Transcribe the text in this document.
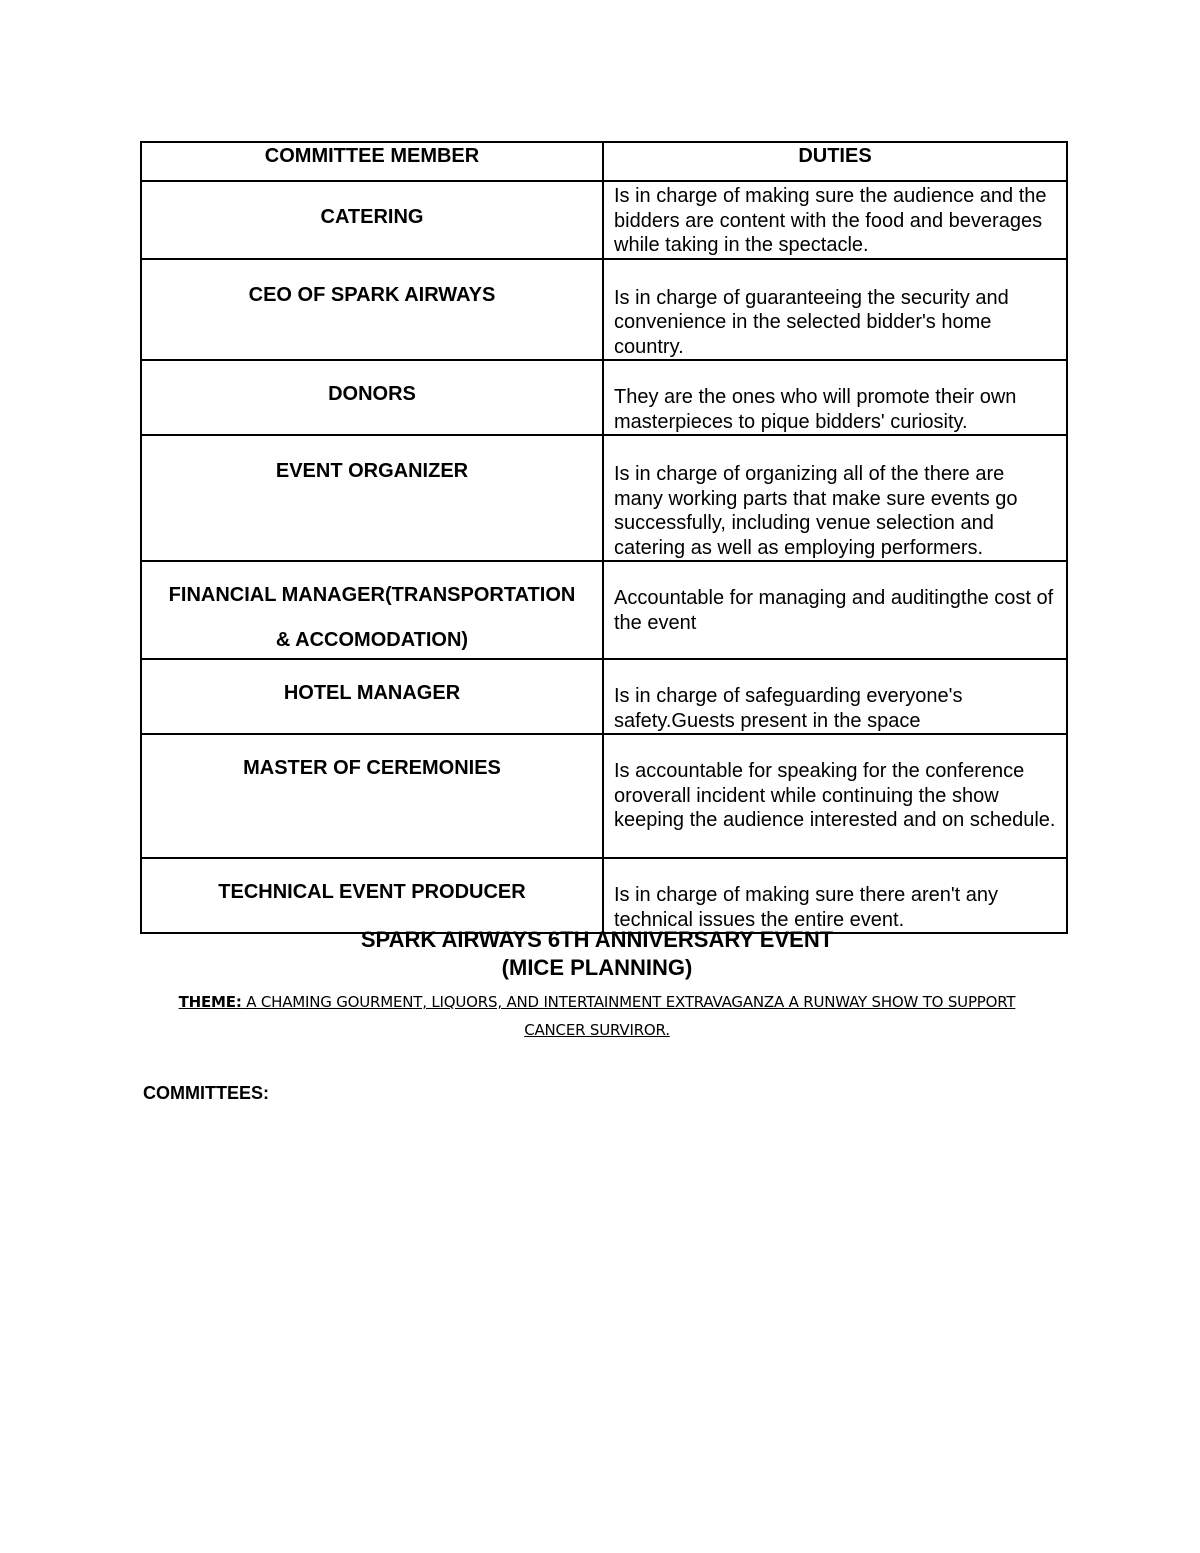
COMMITTEE MEMBER	DUTIES

CATERING	Is in charge of making sure the audience and the bidders are content with the food and beverages while taking in the spectacle.

CEO OF SPARK AIRWAYS	Is in charge of guaranteeing the security and convenience in the selected bidder's home country.

DONORS	They are the ones who will promote their own masterpieces to pique bidders' curiosity.

EVENT ORGANIZER	Is in charge of organizing all of the there are many working parts that make sure events go successfully, including venue selection and catering as well as employing performers.

FINANCIAL MANAGER(TRANSPORTATION
& ACCOMODATION)	Accountable for managing and auditingthe cost of the event

HOTEL MANAGER	Is in charge of safeguarding everyone's safety.Guests present in the space

MASTER OF CEREMONIES	Is accountable for speaking for the conference oroverall incident while continuing the show keeping the audience interested and on schedule.

TECHNICAL EVENT PRODUCER	Is in charge of making sure there aren't any technical issues the entire event.
SPARK AIRWAYS 6TH ANNIVERSARY EVENT
(MICE PLANNING)
THEME: A CHAMING GOURMENT, LIQUORS, AND INTERTAINMENT EXTRAVAGANZA A RUNWAY SHOW TO SUPPORT CANCER SURVIROR.
COMMITTEES:
